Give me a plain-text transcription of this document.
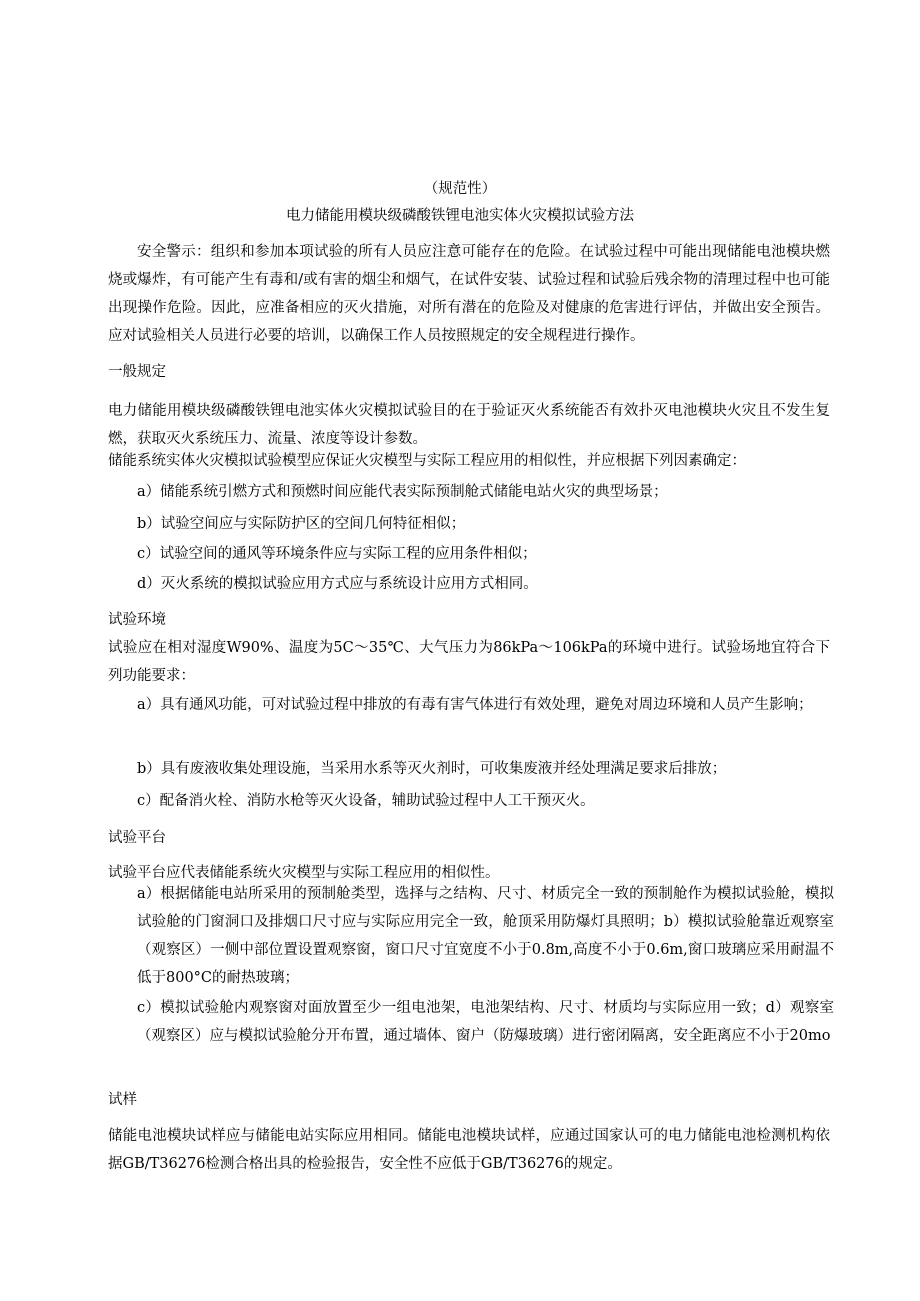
（规范性）
电力储能用模块级磷酸铁锂电池实体火灾模拟试验方法
安全警示：组织和参加本项试验的所有人员应注意可能存在的危险。在试验过程中可能出现储能电池模块燃烧或爆炸，有可能产生有毒和/或有害的烟尘和烟气，在试件安装、试验过程和试验后残余物的清理过程中也可能出现操作危险。因此，应准备相应的灭火措施，对所有潜在的危险及对健康的危害进行评估，并做出安全预告。应对试验相关人员进行必要的培训，以确保工作人员按照规定的安全规程进行操作。
一般规定
电力储能用模块级磷酸铁锂电池实体火灾模拟试验目的在于验证灭火系统能否有效扑灭电池模块火灾且不发生复燃，获取灭火系统压力、流量、浓度等设计参数。
储能系统实体火灾模拟试验模型应保证火灾模型与实际工程应用的相似性，并应根据下列因素确定：
a）储能系统引燃方式和预燃时间应能代表实际预制舱式储能电站火灾的典型场景；
b）试验空间应与实际防护区的空间几何特征相似；
c）试验空间的通风等环境条件应与实际工程的应用条件相似；
d）灭火系统的模拟试验应用方式应与系统设计应用方式相同。
试验环境
试验应在相对湿度W90%、温度为5C～35℃、大气压力为86kPa～106kPa的环境中进行。试验场地宜符合下列功能要求：
a）具有通风功能，可对试验过程中排放的有毒有害气体进行有效处理，避免对周边环境和人员产生影响；
b）具有废液收集处理设施，当采用水系等灭火剂时，可收集废液并经处理满足要求后排放；
c）配备消火栓、消防水枪等灭火设备，辅助试验过程中人工干预灭火。
试验平台
试验平台应代表储能系统火灾模型与实际工程应用的相似性。
a）根据储能电站所采用的预制舱类型，选择与之结构、尺寸、材质完全一致的预制舱作为模拟试验舱，模拟试验舱的门窗洞口及排烟口尺寸应与实际应用完全一致，舱顶采用防爆灯具照明；b）模拟试验舱靠近观察室（观察区）一侧中部位置设置观察窗，窗口尺寸宜宽度不小于0.8m,高度不小于0.6m,窗口玻璃应采用耐温不低于800°C的耐热玻璃；
c）模拟试验舱内观察窗对面放置至少一组电池架，电池架结构、尺寸、材质均与实际应用一致；d）观察室（观察区）应与模拟试验舱分开布置，通过墙体、窗户（防爆玻璃）进行密闭隔离，安全距离应不小于20mo
试样
储能电池模块试样应与储能电站实际应用相同。储能电池模块试样，应通过国家认可的电力储能电池检测机构依据GB/T36276检测合格出具的检验报告，安全性不应低于GB/T36276的规定。
